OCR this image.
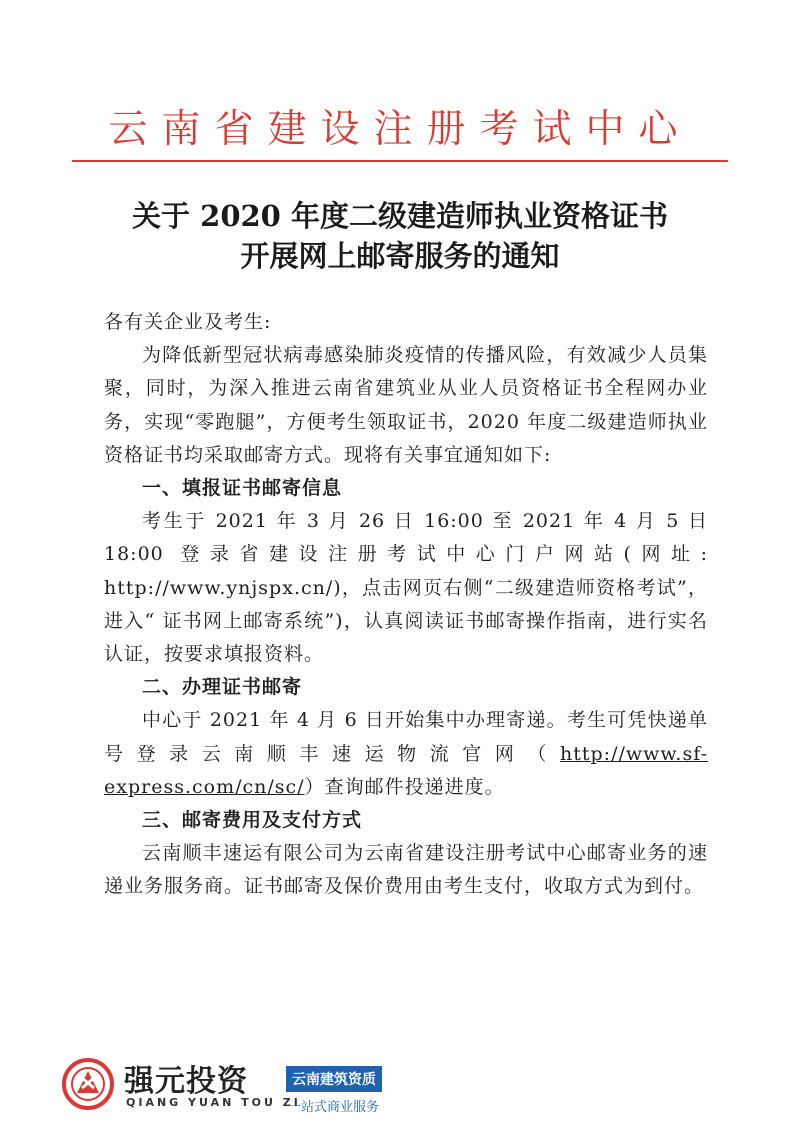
云南省建设注册考试中心
关于 2020 年度二级建造师执业资格证书
开展网上邮寄服务的通知

各有关企业及考生:

为降低新型冠状病毒感染肺炎疫情的传播风险，有效减少人员集聚，同时，为深入推进云南省建筑业从业人员资格证书全程网办业务，实现“零跑腿”，方便考生领取证书，2020 年度二级建造师执业资格证书均采取邮寄方式。现将有关事宜通知如下:

一、填报证书邮寄信息

考生于 2021 年 3 月 26 日 16:00 至 2021 年 4 月 5 日 18:00 登录省建设注册考试中心门户网站(网址: http://www.ynjspx.cn/)，点击网页右侧“二级建造师资格考试”，进入“ 证书网上邮寄系统”)，认真阅读证书邮寄操作指南，进行实名认证，按要求填报资料。

二、办理证书邮寄

中心于 2021 年 4 月 6 日开始集中办理寄递。考生可凭快递单号登录云南顺丰速运物流官网（http://www.sf-express.com/cn/sc/）查询邮件投递进度。

三、邮寄费用及支付方式

云南顺丰速运有限公司为云南省建设注册考试中心邮寄业务的速递业务服务商。证书邮寄及保价费用由考生支付，收取方式为到付。

强元投资
QIANG YUAN TOU ZI
云南建筑资质
一站式商业服务
